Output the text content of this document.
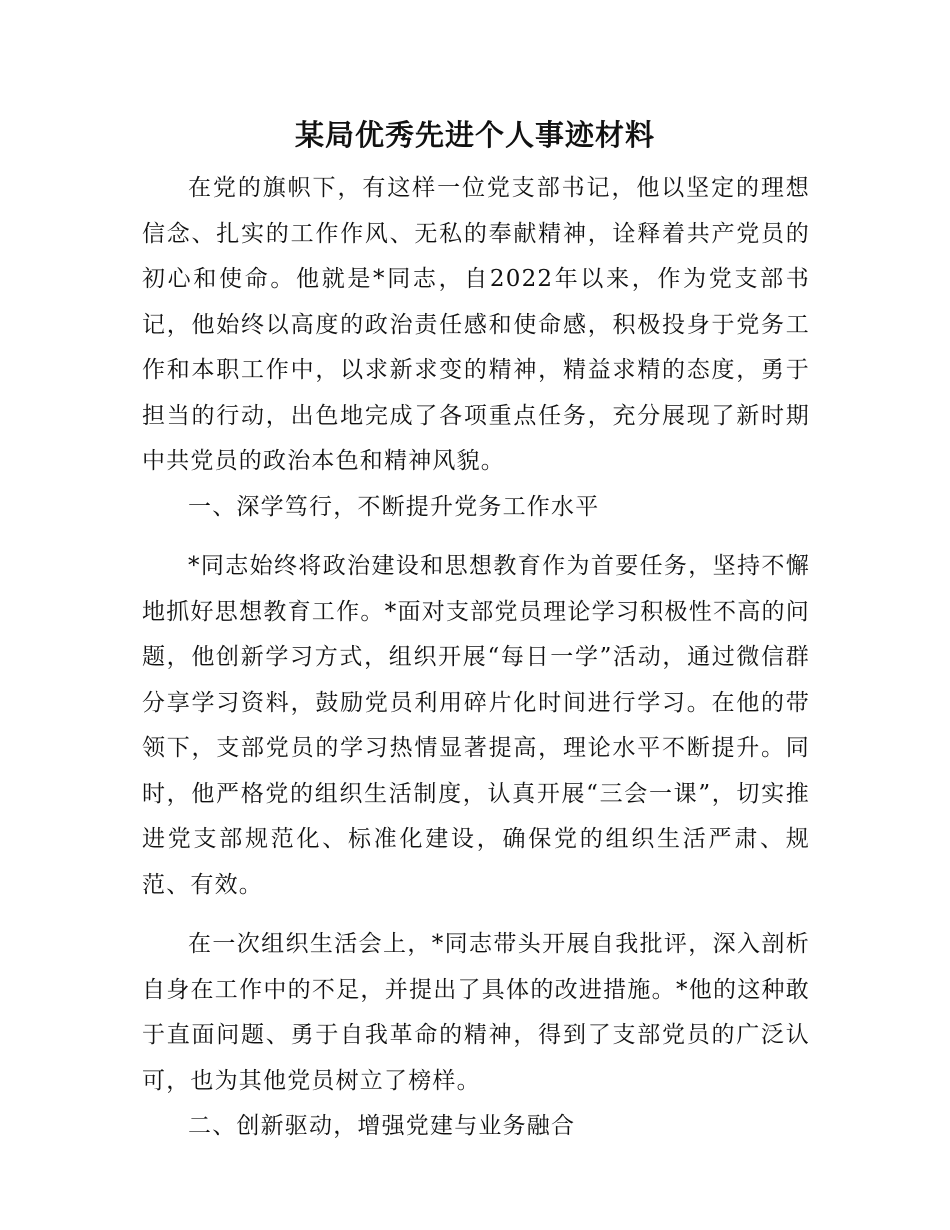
某局优秀先进个人事迹材料

在党的旗帜下，有这样一位党支部书记，他以坚定的理想信念、扎实的工作作风、无私的奉献精神，诠释着共产党员的初心和使命。他就是*同志，自2022年以来，作为党支部书记，他始终以高度的政治责任感和使命感，积极投身于党务工作和本职工作中，以求新求变的精神，精益求精的态度，勇于担当的行动，出色地完成了各项重点任务，充分展现了新时期中共党员的政治本色和精神风貌。

一、深学笃行，不断提升党务工作水平

*同志始终将政治建设和思想教育作为首要任务，坚持不懈地抓好思想教育工作。*面对支部党员理论学习积极性不高的问题，他创新学习方式，组织开展“每日一学”活动，通过微信群分享学习资料，鼓励党员利用碎片化时间进行学习。在他的带领下，支部党员的学习热情显著提高，理论水平不断提升。同时，他严格党的组织生活制度，认真开展“三会一课”，切实推进党支部规范化、标准化建设，确保党的组织生活严肃、规范、有效。

在一次组织生活会上，*同志带头开展自我批评，深入剖析自身在工作中的不足，并提出了具体的改进措施。*他的这种敢于直面问题、勇于自我革命的精神，得到了支部党员的广泛认可，也为其他党员树立了榜样。

二、创新驱动，增强党建与业务融合
